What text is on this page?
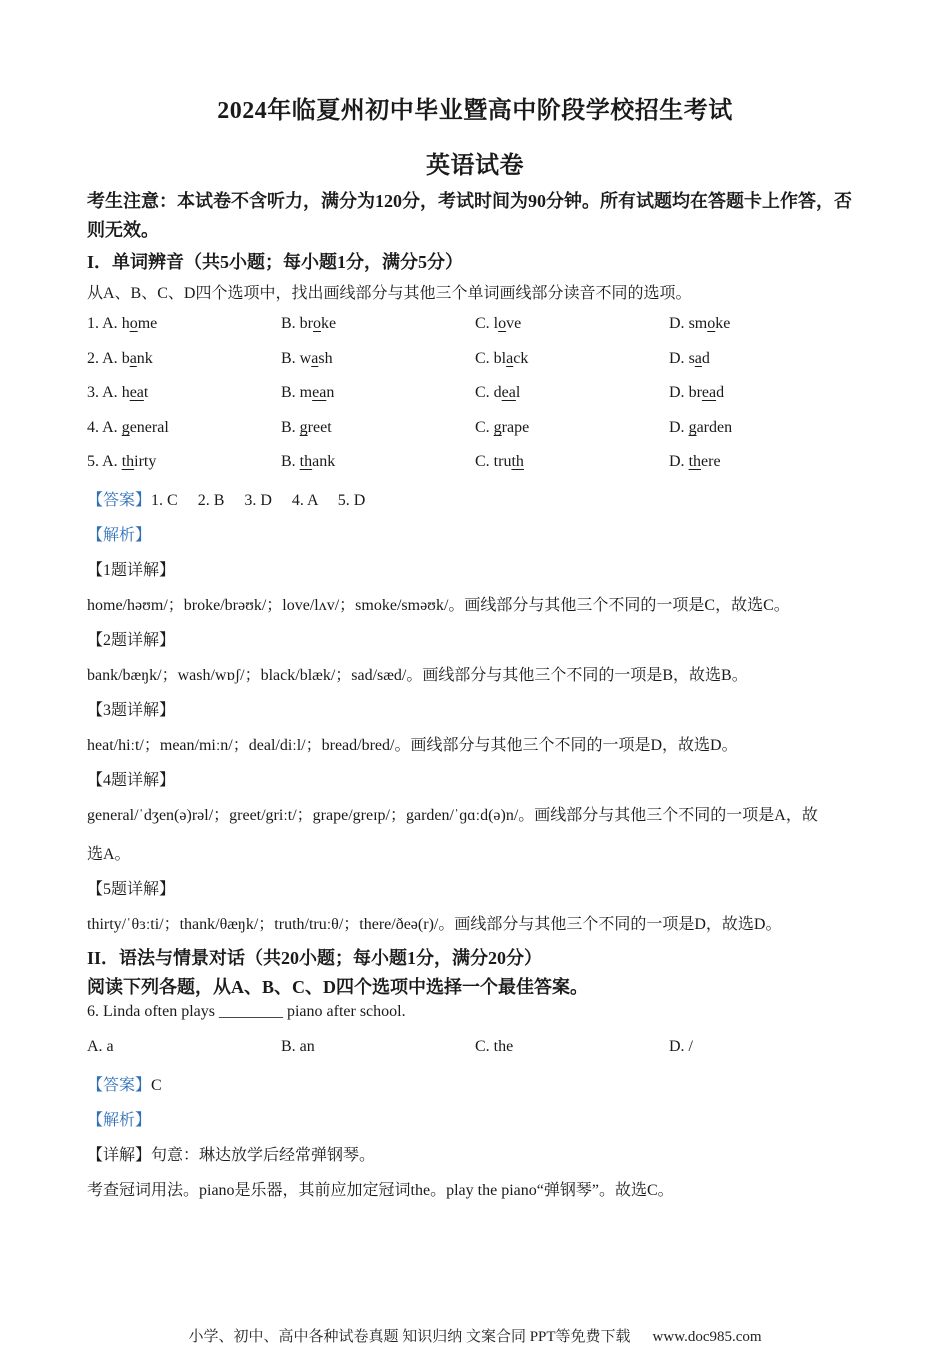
2024年临夏州初中毕业暨高中阶段学校招生考试
英语试卷
考生注意：本试卷不含听力，满分为120分，考试时间为90分钟。所有试题均在答题卡上作答，否则无效。
I．单词辨音（共5小题；每小题1分，满分5分）
从A、B、C、D四个选项中，找出画线部分与其他三个单词画线部分读音不同的选项。
1. A. home	B. broke	C. love	D. smoke
2. A. bank	B. wash	C. black	D. sad
3. A. heat	B. mean	C. deal	D. bread
4. A. general	B. greet	C. grape	D. garden
5. A. thirty	B. thank	C. truth	D. there
【答案】1. C　 2. B　 3. D　 4. A　 5. D
【解析】
【1题详解】
home/həʊm/；broke/brəʊk/；love/lʌv/；smoke/sməʊk/。画线部分与其他三个不同的一项是C，故选C。
【2题详解】
bank/bæŋk/；wash/wɒʃ/；black/blæk/；sad/sæd/。画线部分与其他三个不同的一项是B，故选B。
【3题详解】
heat/hiːt/；mean/miːn/；deal/diːl/；bread/bred/。画线部分与其他三个不同的一项是D，故选D。
【4题详解】
general/ˈdʒen(ə)rəl/；greet/griːt/；grape/greɪp/；garden/ˈɡɑːd(ə)n/。画线部分与其他三个不同的一项是A，故
选A。
【5题详解】
thirty/ˈθɜːti/；thank/θæŋk/；truth/truːθ/；there/ðeə(r)/。画线部分与其他三个不同的一项是D，故选D。
II．语法与情景对话（共20小题；每小题1分，满分20分）
阅读下列各题，从A、B、C、D四个选项中选择一个最佳答案。
6. Linda often plays ________ piano after school.
A. a	B. an	C. the	D. /
【答案】C
【解析】
【详解】句意：琳达放学后经常弹钢琴。
考查冠词用法。piano是乐器，其前应加定冠词the。play the piano“弹钢琴”。故选C。
小学、初中、高中各种试卷真题 知识归纳 文案合同 PPT等免费下载 www.doc985.com
